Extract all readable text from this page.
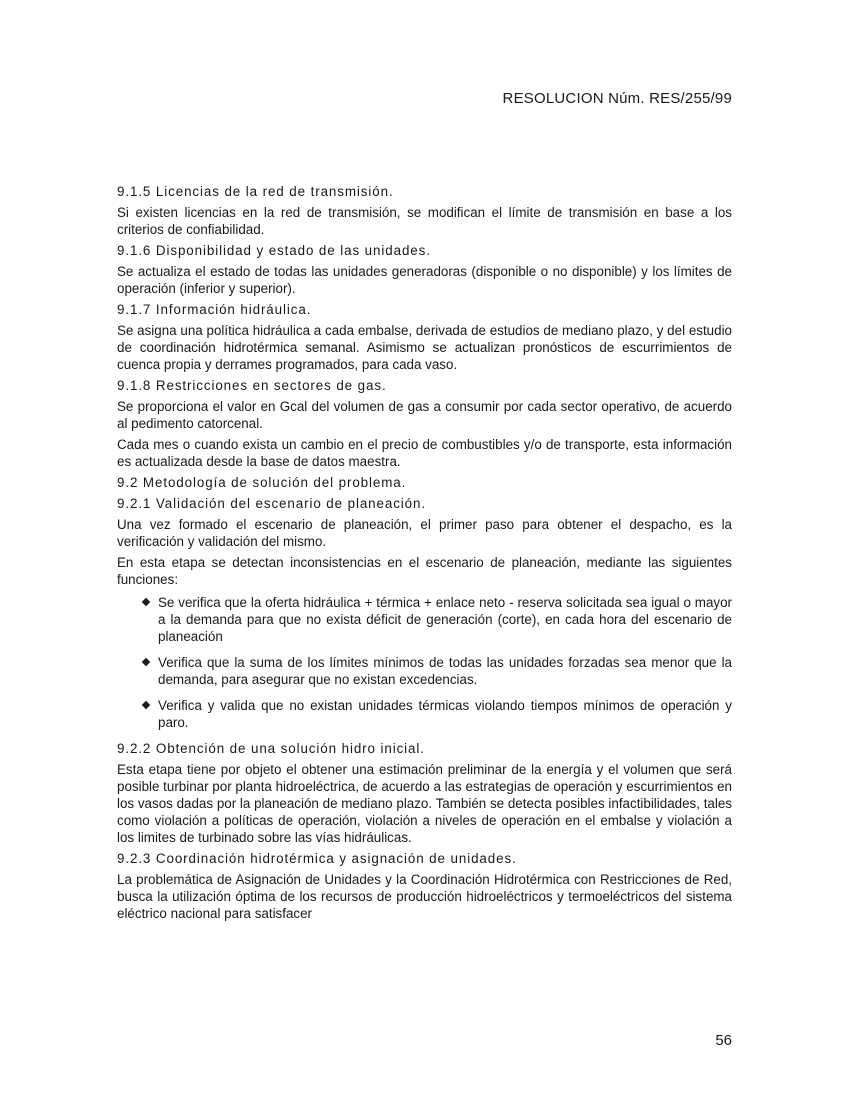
RESOLUCION Núm. RES/255/99
9.1.5 Licencias de la red de transmisión.

Si existen licencias en la red de transmisión, se modifican el límite de transmisión en base a los criterios de confiabilidad.

9.1.6 Disponibilidad y estado de las unidades.

Se actualiza el estado de todas las unidades generadoras (disponible o no disponible) y los límites de operación (inferior y superior).

9.1.7 Información hidráulica.

Se asigna una política hidráulica a cada embalse, derivada de estudios de mediano plazo, y del estudio de coordinación hidrotérmica semanal. Asimismo se actualizan pronósticos de escurrimientos de cuenca propia y derrames programados, para cada vaso.

9.1.8 Restricciones en sectores de gas.

Se proporciona el valor en Gcal del volumen de gas a consumir por cada sector operativo, de acuerdo al pedimento catorcenal.

Cada mes o cuando exista un cambio en el precio de combustibles y/o de transporte, esta información es actualizada desde la base de datos maestra.

9.2 Metodología de solución del problema.
9.2.1 Validación del escenario de planeación.

Una vez formado el escenario de planeación, el primer paso para obtener el despacho, es la verificación y validación del mismo.

En esta etapa se detectan inconsistencias en el escenario de planeación, mediante las siguientes funciones:

Se verifica que la oferta hidráulica + térmica + enlace neto - reserva solicitada sea igual o mayor a la demanda para que no exista déficit de generación (corte), en cada hora del escenario de planeación
Verifica que la suma de los límites mínimos de todas las unidades forzadas sea menor que la demanda, para asegurar que no existan excedencias.
Verifica y valida que no existan unidades térmicas violando tiempos mínimos de operación y paro.
9.2.2 Obtención de una solución hidro inicial.

Esta etapa tiene por objeto el obtener una estimación preliminar de la energía y el volumen que será posible turbinar por planta hidroeléctrica, de acuerdo a las estrategias de operación y escurrimientos en los vasos dadas por la planeación de mediano plazo. También se detecta posibles infactibilidades, tales como violación a políticas de operación, violación a niveles de operación en el embalse y violación a los limites de turbinado sobre las vías hidráulicas.

9.2.3 Coordinación hidrotérmica y asignación de unidades.

La problemática de Asignación de Unidades y la Coordinación Hidrotérmica con Restricciones de Red, busca la utilización óptima de los recursos de producción hidroeléctricos y termoeléctricos del sistema eléctrico nacional para satisfacer

56
